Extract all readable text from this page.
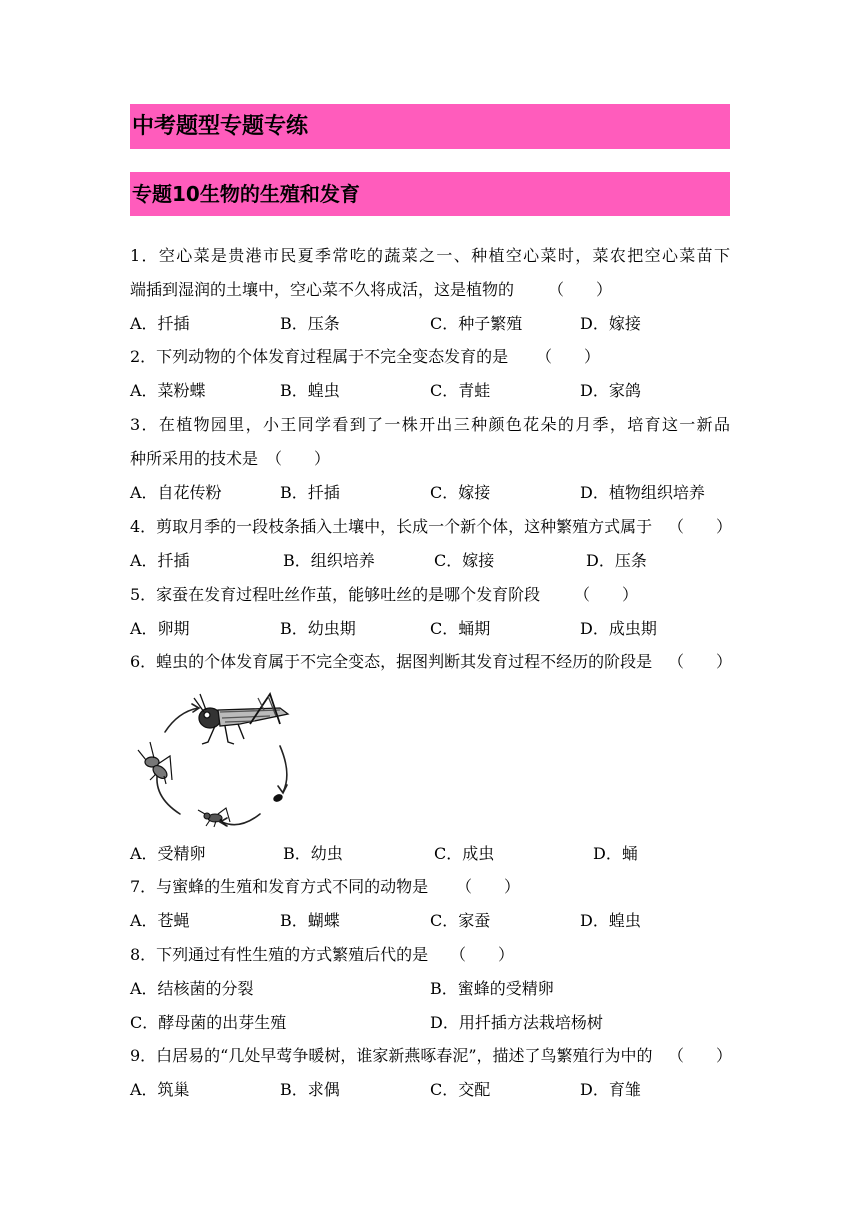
中考题型专题专练
专题10生物的生殖和发育
1．空心菜是贵港市民夏季常吃的蔬菜之一、种植空心菜时，菜农把空心菜苗下
端插到湿润的土壤中，空心菜不久将成活，这是植物的 （　　）
A．扦插	B．压条	C．种子繁殖	D．嫁接
2．下列动物的个体发育过程属于不完全变态发育的是 （　　）
A．菜粉蝶	B．蝗虫	C．青蛙	D．家鸽
3．在植物园里，小王同学看到了一株开出三种颜色花朵的月季，培育这一新品
种所采用的技术是 （　　）
A．自花传粉	B．扦插	C．嫁接	D．植物组织培养
4．剪取月季的一段枝条插入土壤中，长成一个新个体，这种繁殖方式属于 （　　）
A．扦插	B．组织培养	C．嫁接	D．压条
5．家蚕在发育过程吐丝作茧，能够吐丝的是哪个发育阶段 （　　）
A．卵期	B．幼虫期	C．蛹期	D．成虫期
6．蝗虫的个体发育属于不完全变态，据图判断其发育过程不经历的阶段是 （　　）
A．受精卵	B．幼虫	C．成虫	D．蛹
7．与蜜蜂的生殖和发育方式不同的动物是 （　　）
A．苍蝇	B．蝴蝶	C．家蚕	D．蝗虫
8．下列通过有性生殖的方式繁殖后代的是 （　　）
A．结核菌的分裂	B．蜜蜂的受精卵
C．酵母菌的出芽生殖	D．用扦插方法栽培杨树
9．白居易的“几处早莺争暖树，谁家新燕啄春泥”，描述了鸟繁殖行为中的 （　　）
A．筑巢	B．求偶	C．交配	D．育雏
